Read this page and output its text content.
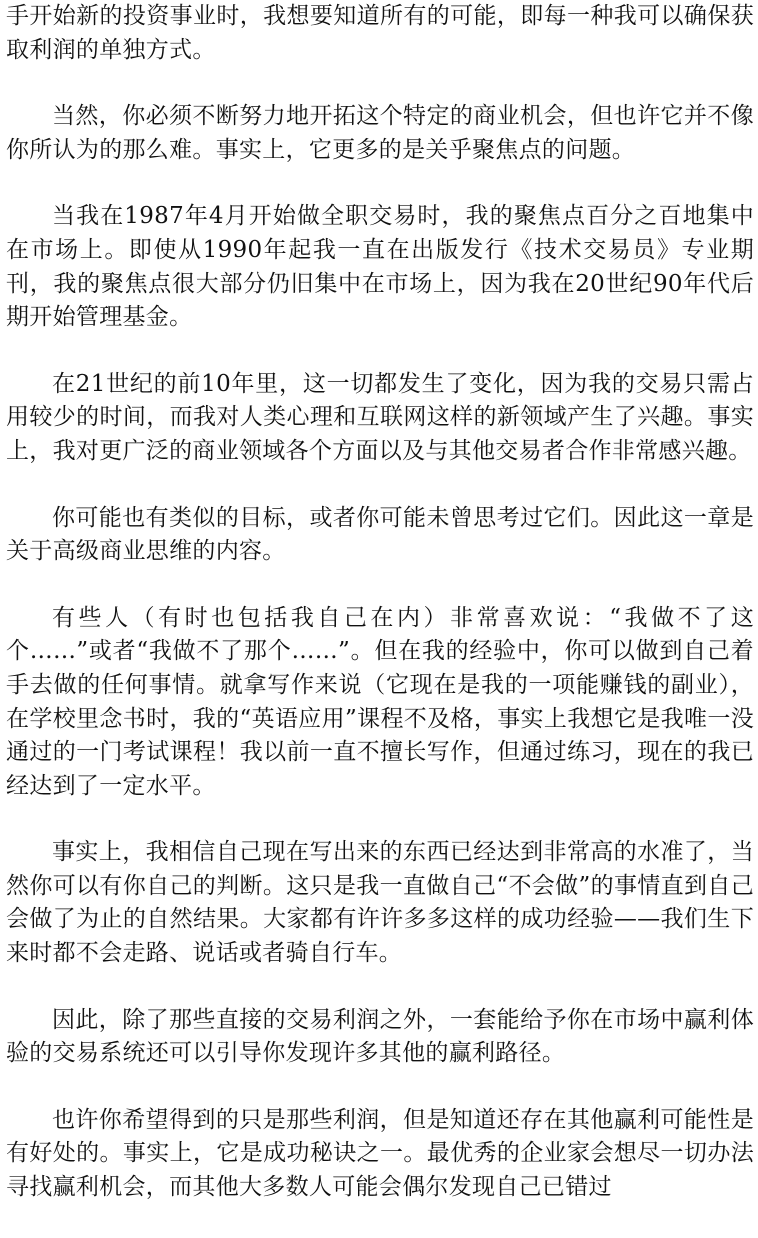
手开始新的投资事业时，我想要知道所有的可能，即每一种我可以确保获取利润的单独方式。

当然，你必须不断努力地开拓这个特定的商业机会，但也许它并不像你所认为的那么难。事实上，它更多的是关乎聚焦点的问题。

当我在1987年4月开始做全职交易时，我的聚焦点百分之百地集中在市场上。即使从1990年起我一直在出版发行《技术交易员》专业期刊，我的聚焦点很大部分仍旧集中在市场上，因为我在20世纪90年代后期开始管理基金。

在21世纪的前10年里，这一切都发生了变化，因为我的交易只需占用较少的时间，而我对人类心理和互联网这样的新领域产生了兴趣。事实上，我对更广泛的商业领域各个方面以及与其他交易者合作非常感兴趣。

你可能也有类似的目标，或者你可能未曾思考过它们。因此这一章是关于高级商业思维的内容。

有些人（有时也包括我自己在内）非常喜欢说：“我做不了这个……”或者“我做不了那个……”。但在我的经验中，你可以做到自己着手去做的任何事情。就拿写作来说（它现在是我的一项能赚钱的副业），在学校里念书时，我的“英语应用”课程不及格，事实上我想它是我唯一没通过的一门考试课程！我以前一直不擅长写作，但通过练习，现在的我已经达到了一定水平。

事实上，我相信自己现在写出来的东西已经达到非常高的水准了，当然你可以有你自己的判断。这只是我一直做自己“不会做”的事情直到自己会做了为止的自然结果。大家都有许许多多这样的成功经验——我们生下来时都不会走路、说话或者骑自行车。

因此，除了那些直接的交易利润之外，一套能给予你在市场中赢利体验的交易系统还可以引导你发现许多其他的赢利路径。

也许你希望得到的只是那些利润，但是知道还存在其他赢利可能性是有好处的。事实上，它是成功秘诀之一。最优秀的企业家会想尽一切办法寻找赢利机会，而其他大多数人可能会偶尔发现自己已错过
